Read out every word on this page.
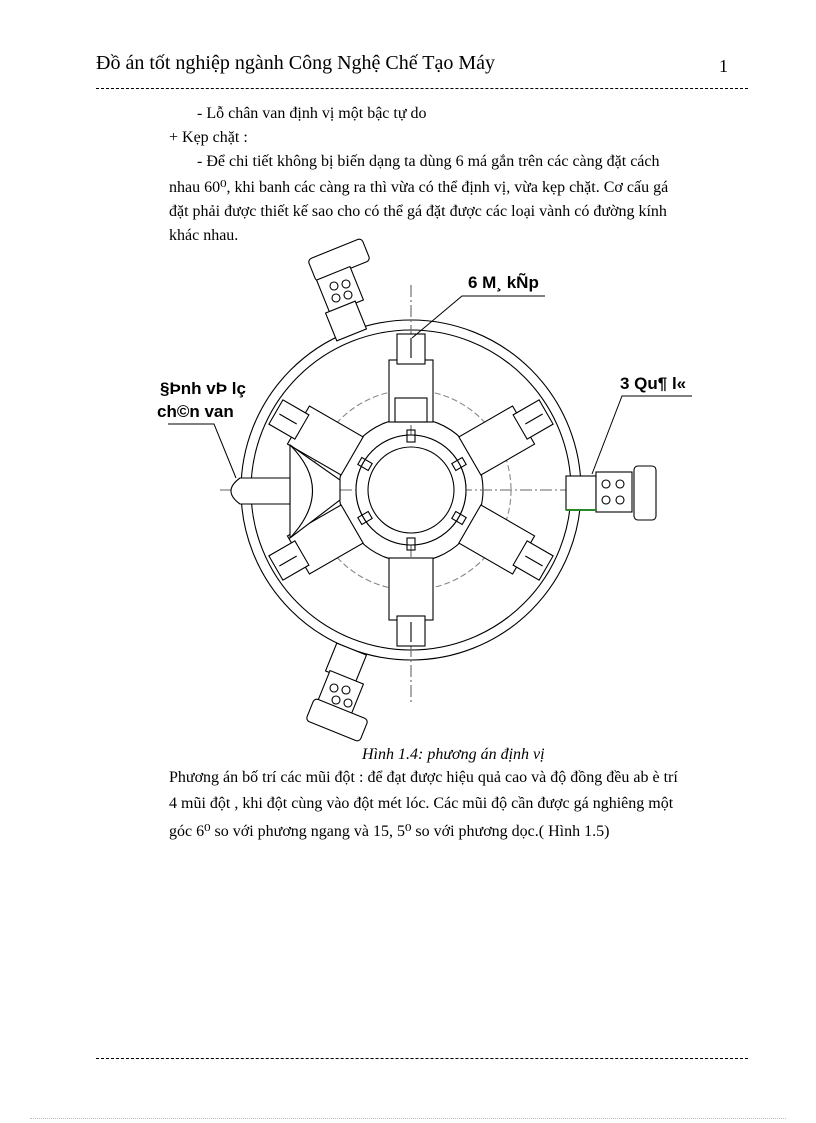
Đồ án tốt nghiệp ngành Công Nghệ Chế Tạo Máy	1
- Lỗ chân van định vị một bậc tự do
+ Kẹp chặt :
- Để chi tiết không bị biến dạng ta dùng 6 má gắn trên các càng đặt cách
nhau 60⁰, khi banh các càng ra thì vừa có thể định vị, vừa kẹp chặt. Cơ cấu gá
đặt phải được thiết kế sao cho có thể gá đặt được các loại vành có đường kính
khác nhau.
6 M¸ kÑp
§Þnh vÞ lç
ch©n van
3 Qu¶ l«
Hình 1.4: phương án định vị
Phương án bố trí các mũi đột : để đạt được hiệu quả cao và độ đồng đều ab è trí
4 mũi đột , khi đột cùng vào đột mét lóc. Các mũi độ cần được gá nghiêng một
góc 6⁰ so với phương ngang và 15, 5⁰ so với phương dọc.( Hình 1.5)
